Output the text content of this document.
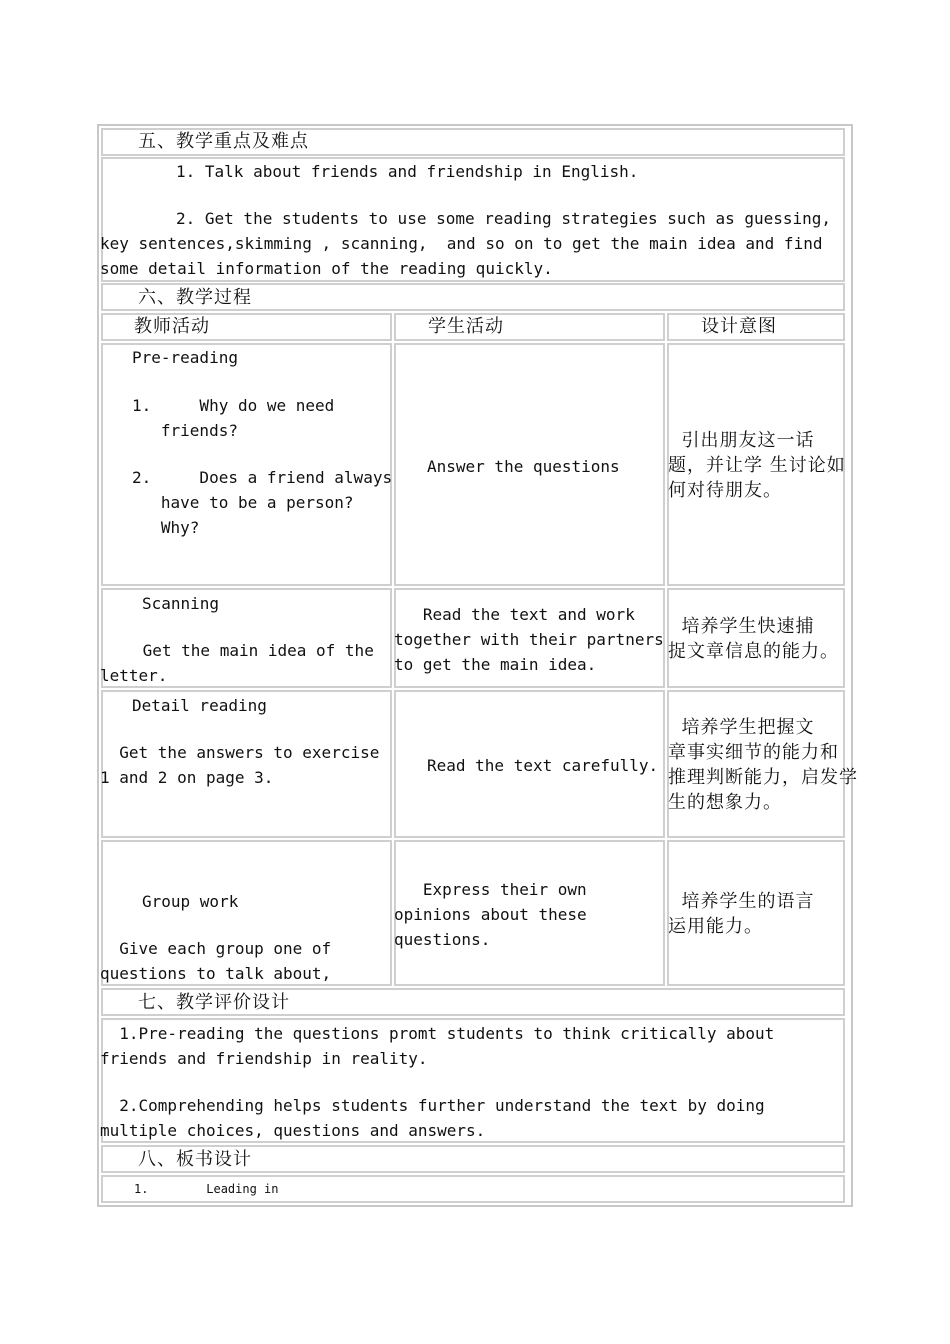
五、教学重点及难点
1. Talk about friends and friendship in English.
2. Get the students to use some reading strategies such as guessing,
key sentences,skimming , scanning,  and so on to get the main idea and find
some detail information of the reading quickly.
六、教学过程
教师活动	学生活动	设计意图
Pre-reading
1.     Why do we need
friends?
2.     Does a friend always
have to be a person?
Why?
Answer the questions
引出朋友这一话
题，并让学 生讨论如
何对待朋友。
Scanning
Get the main idea of the
letter.
Read the text and work
together with their partners
to get the main idea.
培养学生快速捕
捉文章信息的能力。
Detail reading
Get the answers to exercise
1 and 2 on page 3.
Read the text carefully.
培养学生把握文
章事实细节的能力和
推理判断能力，启发学
生的想象力。
Group work
Give each group one of
questions to talk about,
Express their own
opinions about these
questions.
培养学生的语言
运用能力。
七、教学评价设计
1.Pre-reading the questions promt students to think critically about
friends and friendship in reality.
2.Comprehending helps students further understand the text by doing
multiple choices, questions and answers.
八、板书设计
1.        Leading in
